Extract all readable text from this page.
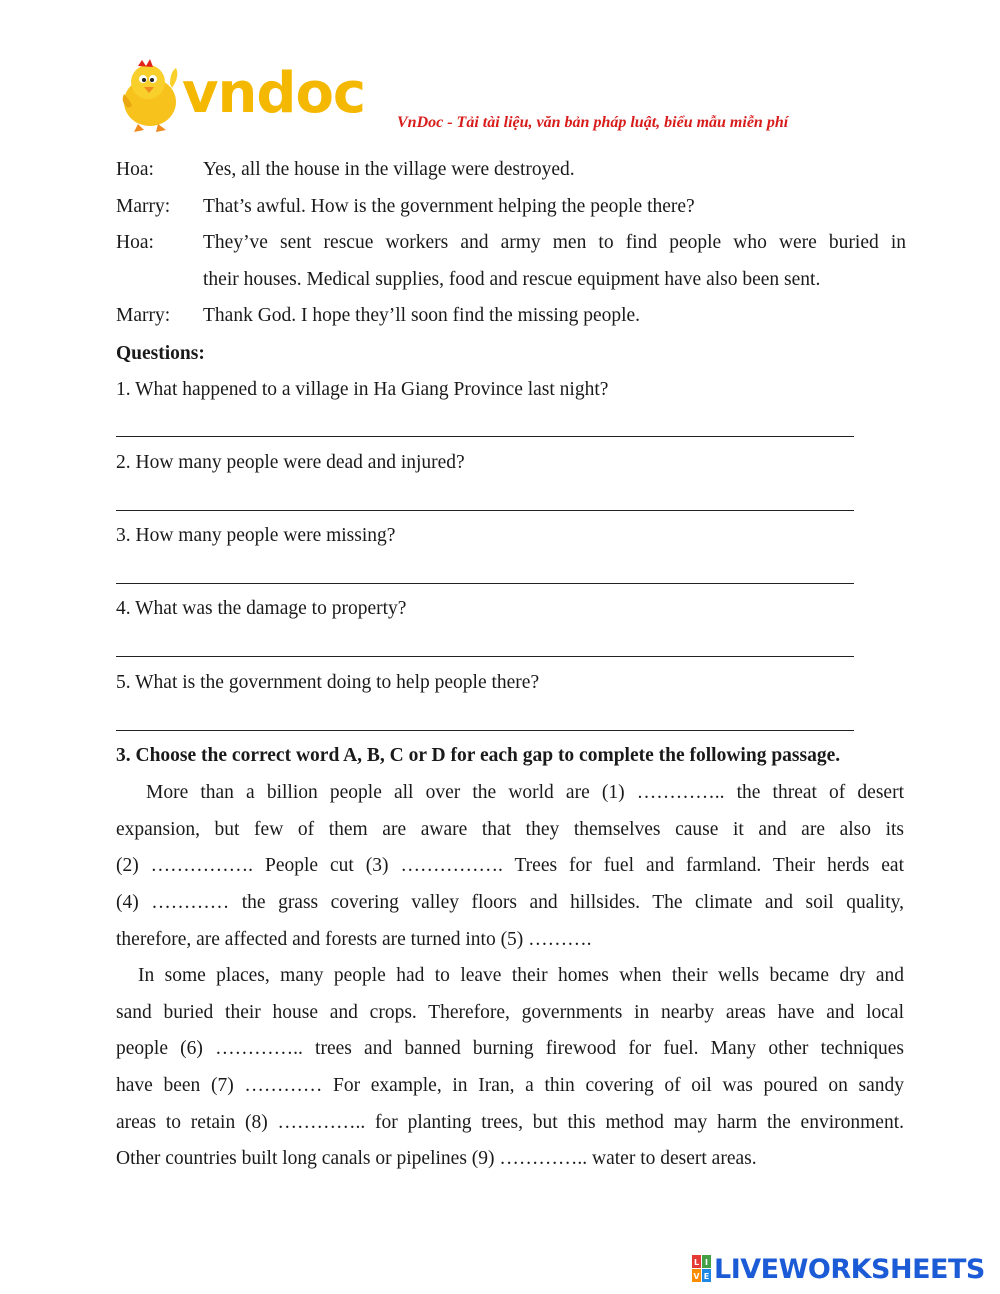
vndoc VnDoc - Tải tài liệu, văn bản pháp luật, biểu mẫu miễn phí
Hoa:	Yes, all the house in the village were destroyed.
Marry:	That’s awful. How is the government helping the people there?
Hoa:	They’ve sent rescue workers and army men to find people who were buried in
their houses. Medical supplies, food and rescue equipment have also been sent.
Marry:	Thank God. I hope they’ll soon find the missing people.
Questions:
1. What happened to a village in Ha Giang Province last night?
2. How many people were dead and injured?
3. How many people were missing?
4. What was the damage to property?
5. What is the government doing to help people there?
3. Choose the correct word A, B, C or D for each gap to complete the following passage.
More than a billion people all over the world are (1) ………….. the threat of desert
expansion, but few of them are aware that they themselves cause it and are also its
(2) ……………. People cut (3) ……………. Trees for fuel and farmland. Their herds eat
(4) ………… the grass covering valley floors and hillsides. The climate and soil quality,
therefore, are affected and forests are turned into (5) ……….
In some places, many people had to leave their homes when their wells became dry and
sand buried their house and crops. Therefore, governments in nearby areas have and local
people (6) ………….. trees and banned burning firewood for fuel. Many other techniques
have been (7) ………… For example, in Iran, a thin covering of oil was poured on sandy
areas to retain (8) ………….. for planting trees, but this method may harm the environment.
Other countries built long canals or pipelines (9) ………….. water to desert areas.
L I
V E LIVEWORKSHEETS
